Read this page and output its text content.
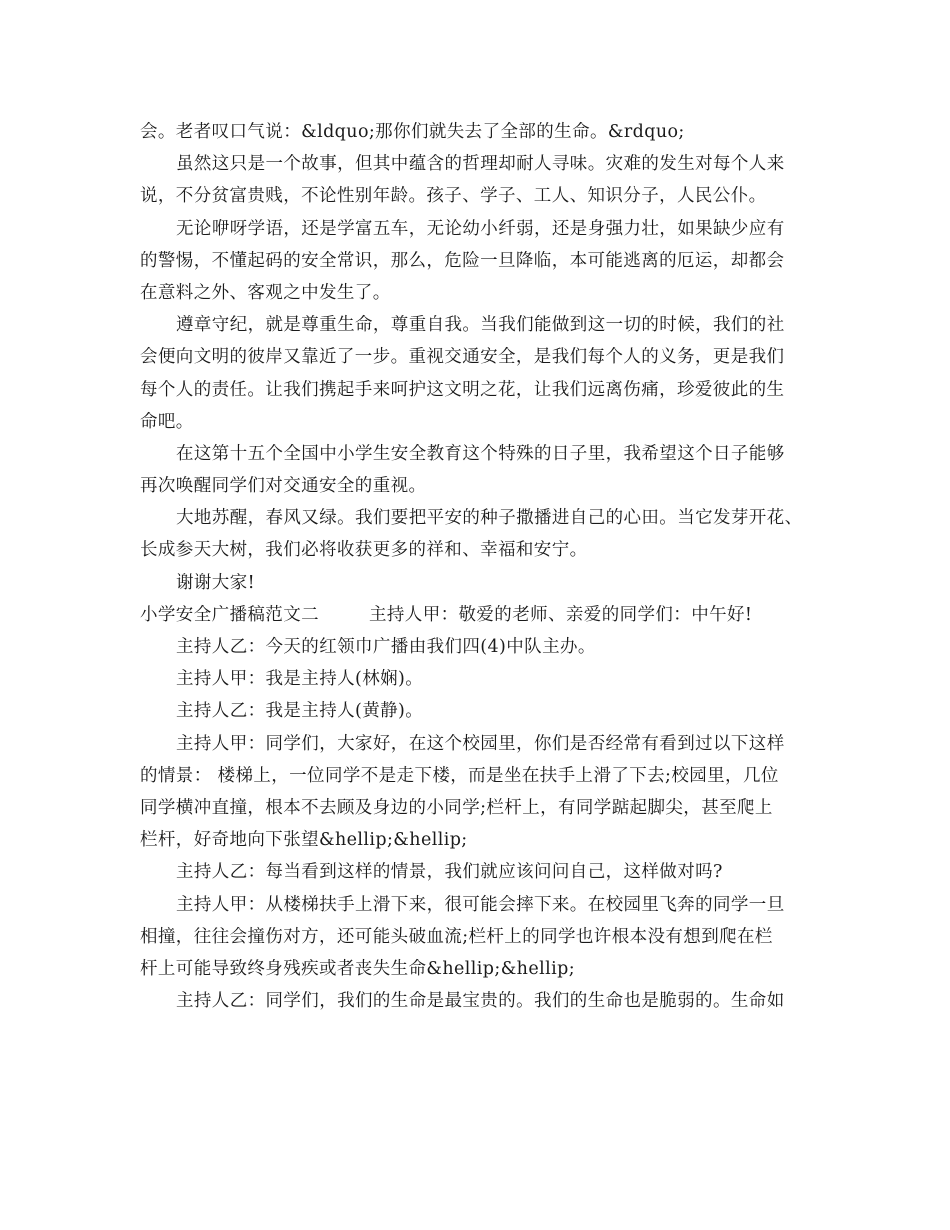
会。老者叹口气说：&ldquo;那你们就失去了全部的生命。&rdquo;
虽然这只是一个故事，但其中蕴含的哲理却耐人寻味。灾难的发生对每个人来
说，不分贫富贵贱，不论性别年龄。孩子、学子、工人、知识分子，人民公仆。
无论咿呀学语，还是学富五车，无论幼小纤弱，还是身强力壮，如果缺少应有
的警惕，不懂起码的安全常识，那么，危险一旦降临，本可能逃离的厄运，却都会
在意料之外、客观之中发生了。
遵章守纪，就是尊重生命，尊重自我。当我们能做到这一切的时候，我们的社
会便向文明的彼岸又靠近了一步。重视交通安全，是我们每个人的义务，更是我们
每个人的责任。让我们携起手来呵护这文明之花，让我们远离伤痛，珍爱彼此的生
命吧。
在这第十五个全国中小学生安全教育这个特殊的日子里，我希望这个日子能够
再次唤醒同学们对交通安全的重视。
大地苏醒，春风又绿。我们要把平安的种子撒播进自己的心田。当它发芽开花、
长成参天大树，我们必将收获更多的祥和、幸福和安宁。
谢谢大家!
小学安全广播稿范文二	主持人甲：敬爱的老师、亲爱的同学们：中午好!
主持人乙：今天的红领巾广播由我们四(4)中队主办。
主持人甲：我是主持人(林娴)。
主持人乙：我是主持人(黄静)。
主持人甲：同学们，大家好，在这个校园里，你们是否经常有看到过以下这样
的情景： 楼梯上，一位同学不是走下楼，而是坐在扶手上滑了下去;校园里，几位
同学横冲直撞，根本不去顾及身边的小同学;栏杆上，有同学踮起脚尖，甚至爬上
栏杆，好奇地向下张望&hellip;&hellip;
主持人乙：每当看到这样的情景，我们就应该问问自己，这样做对吗?
主持人甲：从楼梯扶手上滑下来，很可能会摔下来。在校园里飞奔的同学一旦
相撞，往往会撞伤对方，还可能头破血流;栏杆上的同学也许根本没有想到爬在栏
杆上可能导致终身残疾或者丧失生命&hellip;&hellip;
主持人乙：同学们，我们的生命是最宝贵的。我们的生命也是脆弱的。生命如
